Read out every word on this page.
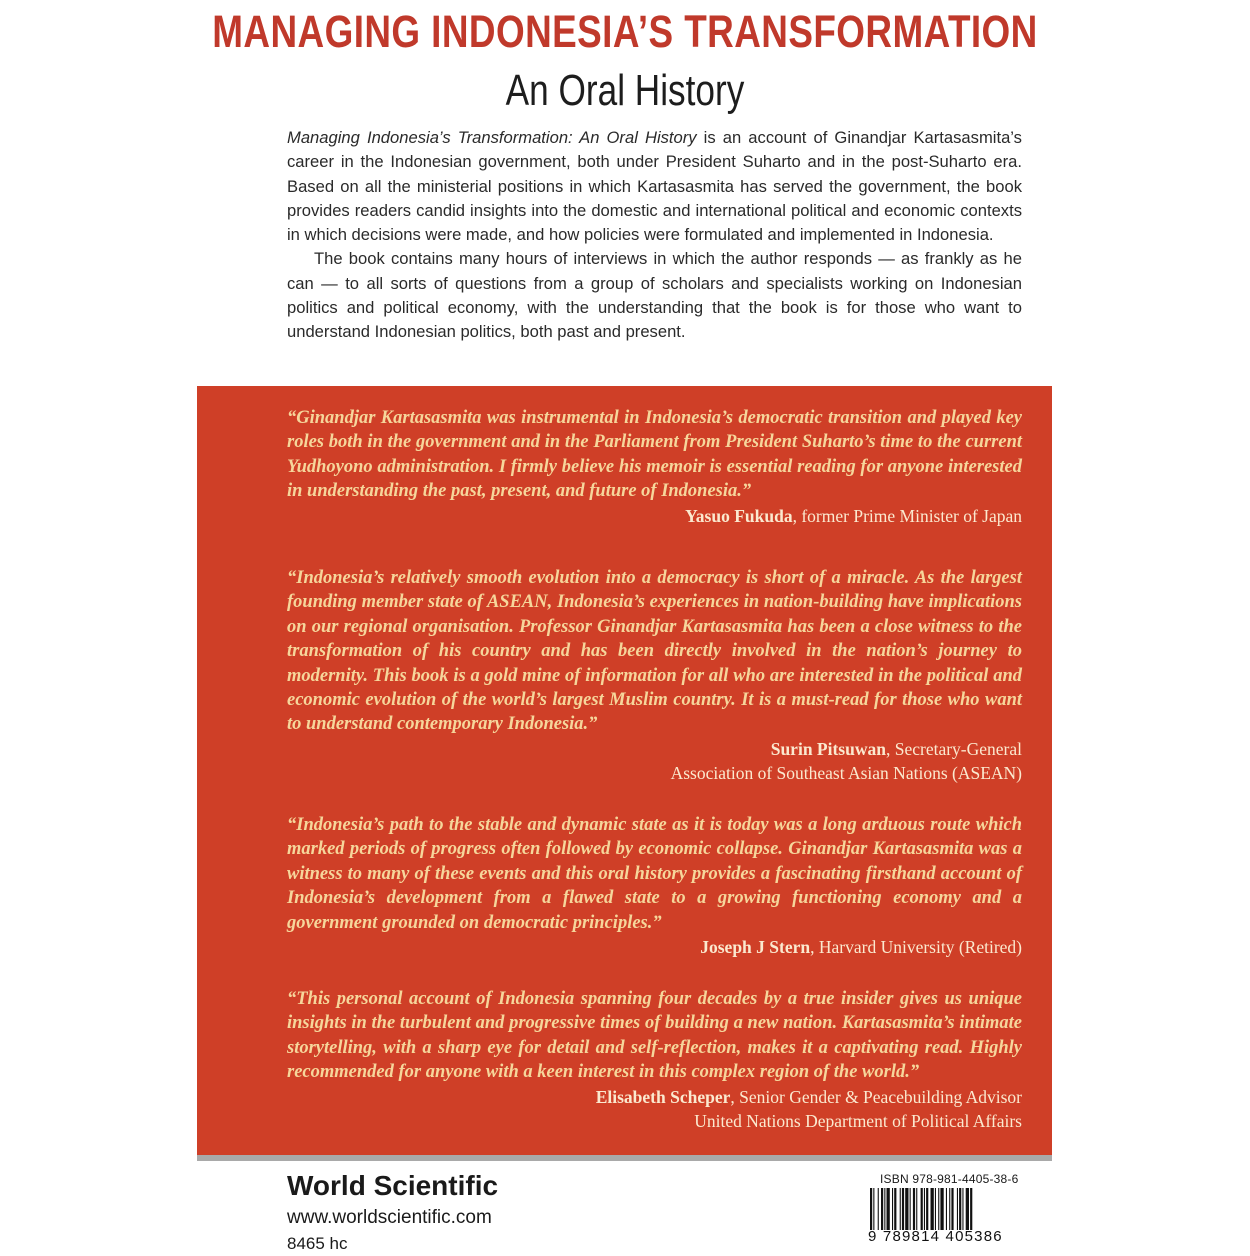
MANAGING INDONESIA’S TRANSFORMATION
An Oral History

Managing Indonesia’s Transformation: An Oral History is an account of Ginandjar Kartasasmita’s career in the Indonesian government, both under President Suharto and in the post-Suharto era. Based on all the ministerial positions in which Kartasasmita has served the government, the book provides readers candid insights into the domestic and international political and economic contexts in which decisions were made, and how policies were formulated and implemented in Indonesia.

The book contains many hours of interviews in which the author responds — as frankly as he can — to all sorts of questions from a group of scholars and specialists working on Indonesian politics and political economy, with the understanding that the book is for those who want to understand Indonesian politics, both past and present.

“Ginandjar Kartasasmita was instrumental in Indonesia’s democratic transition and played key roles both in the government and in the Parliament from President Suharto’s time to the current Yudhoyono administration. I firmly believe his memoir is essential reading for anyone interested in understanding the past, present, and future of Indonesia.”

Yasuo Fukuda, former Prime Minister of Japan

“Indonesia’s relatively smooth evolution into a democracy is short of a miracle. As the largest founding member state of ASEAN, Indonesia’s experiences in nation-building have implications on our regional organisation. Professor Ginandjar Kartasasmita has been a close witness to the transformation of his country and has been directly involved in the nation’s journey to modernity. This book is a gold mine of information for all who are interested in the political and economic evolution of the world’s largest Muslim country. It is a must-read for those who want to understand contemporary Indonesia.”

Surin Pitsuwan, Secretary-General

Association of Southeast Asian Nations (ASEAN)

“Indonesia’s path to the stable and dynamic state as it is today was a long arduous route which marked periods of progress often followed by economic collapse. Ginandjar Kartasasmita was a witness to many of these events and this oral history provides a fascinating firsthand account of Indonesia’s development from a flawed state to a growing functioning economy and a government grounded on democratic principles.”

Joseph J Stern, Harvard University (Retired)

“This personal account of Indonesia spanning four decades by a true insider gives us unique insights in the turbulent and progressive times of building a new nation. Kartasasmita’s intimate storytelling, with a sharp eye for detail and self-reflection, makes it a captivating read. Highly recommended for anyone with a keen interest in this complex region of the world.”

Elisabeth Scheper, Senior Gender & Peacebuilding Advisor

United Nations Department of Political Affairs

World Scientific
www.worldscientific.com
8465 hc
ISBN 978-981-4405-38-6
9 789814 405386
